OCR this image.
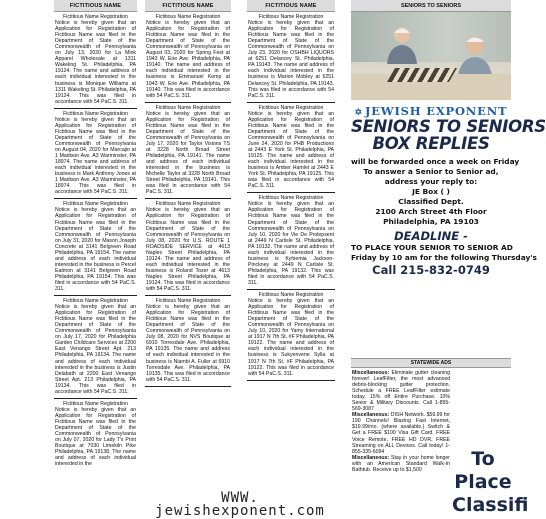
FICTITIOUS NAME
Fictitious Name Registration
Notice is hereby given that an Application for Registration of Fictitious Name was filed in the Department of State of the Commonwealth of Pennsylvania on July 13, 2020 for La Mink Apparel Wholesale at 1311 Wakeling St. Philadelphia, PA 19124. The name and address of each individual interested in the business is Monique Williams at 1311 Wakeling St. Philadelphia, PA 19124. This was filed in accordance with 54 PaC.S. 311.
Fictitious Name Registration
Notice is hereby given that an Application for Registration of Fictitious Name was filed in the Department of State of the Commonwealth of Pennsylvania on August 04, 2020 for Marcajio at 1 Madison Ave. A3 Warminster, PA 18974. The name and address of each individual interested in the business is Mark Anthony Jones at 1 Madison Ave. A3 Warminster, PA 18974. This was filed in accordance with 54 PaC.S. 311.
Fictitious Name Registration
Notice is hereby given that an Application for Registration of Fictitious Name was filed in the Department of State of the Commonwealth of Pennsylvania on July 31, 2020 for Mason Joseph Concrete at 3141 Belgreen Road Philadelphia, PA 19154. The name and address of each individual interested in the business is Percel Eatmon at 3141 Belgreen Road Philadelphia, PA 19154. This was filed in accordance with 54 PaC.S. 311.
Fictitious Name Registration
Notice is hereby given that an Application for Registration of Fictitious Name was filed in the Department of State of the Commonwealth of Pennsylvania on July 17, 2020 for Philadelphia Garden Childcare Services at 2200 East Venango Street Apt. 213 Philadelphia, PA 19134. The name and address of each individual interested in the business is Justin Delabath at 2200 East Venango Street Apt. 213 Philadelphia, PA 19134. This was filed in accordance with 54 PaC.S. 311.
Fictitious Name Registration
Notice is hereby given that an Application for Registration of Fictitious Name was filed in the Department of State of the Commonwealth of Pennsylvania on July 07, 2020 for Lady T's Print Boutique at 7030 Limekiln Pike Philadelphia, PA 19138. The name and address of each individual interested in the
FICTITIOUS NAME
Fictitious Name Registration
Notice is hereby given that an Application for Registration of Fictitious Name was filed in the Department of State of the Commonwealth of Pennsylvania on August 03, 2020 for Spring Fest at 1943 W. Erie Ave. Philadelphia, PA 19140. The name and address of each individual interested in the business is Emmanuel Kemp at 1943 W. Erie Ave. Philadelphia, PA 19140. This was filed in accordance with 54 PaC.S. 311.
Fictitious Name Registration
Notice is hereby given that an Application for Registration of Fictitious Name was filed in the Department of State of the Commonwealth of Pennsylvania on July 17, 2020 for Taylor Visions TS at 3228 North Broad Street Philadelphia, PA 19141. The name and address of each individual interested in the business is Michelle Taylor at 3228 North Broad Street Philadelphia, PA 19141. This was filed in accordance with 54 PaC.S. 311.
Fictitious Name Registration
Notice is hereby given that an Application for Registration of Fictitious Name was filed in the Department of State of the Commonwealth of Pennsylvania on July 08, 2020 for U.S. ROUTE 1 ROADSIDE SERVICE at 4613 Naples Street Philadelphia, PA 19124. The name and address of each individual interested in the business is Roland Tozer at 4613 Naples Street Philadelphia, PA 19124. This was filed in accordance with 54 PaC.S. 311.
Fictitious Name Registration
Notice is hereby given that an Application for Registration of Fictitious Name was filed in the Department of State of the Commonwealth of Pennsylvania on July 08, 2020 for NVS Boutique at 6910 Torresdale Ave. Philadelphia, PA 19135. The name and address of each individual interested in the business is Niambi A. Fuller at 6910 Torresdale Ave. Philadelphia, PA 19135. This was filed in accordance with 54 PaC.S. 311.
FICTITIOUS NAME
Fictitious Name Registration
Notice is hereby given that an Application for Registration of Fictitious Name was filed in the Department of State of the Commonwealth of Pennsylvania on July 23, 2020 for OSHBH LIQUORS at 6251 Delancey St. Philadelphia, PA 19143. The name and address of each individual interested in the business is Marion Mobley at 6251 Delancey St. Philadelphia, PA 19143. This was filed in accordance with 54 PaC.S. 311.
Fictitious Name Registration
Notice is hereby given that an Application for Registration of Fictitious Name was filed in the Department of State of the Commonwealth of Pennsylvania on June 24, 2020 for PHB Productions at 2443 E York St. Philadelphia, PA 19125. The name and address of each individual interested in the business is Amber Hamlet at 2443 E York St. Philadelphia, PA 19125. This was filed in accordance with 54 PaC.S. 311.
Fictitious Name Registration
Notice is hereby given that an Application for Registration of Fictitious Name was filed in the Department of State of the Commonwealth of Pennsylvania on July 10, 2020 for Vie De Prolepsent at 2449 N Carlisle St. Philadelphia, PA 19132. The name and address of each individual interested in the business is Kyhiemia Jackson-Pinckney at 2449 N Carlisle St. Philadelphia, PA 19132. This was filed in accordance with 54 PaC.S. 311.
Fictitious Name Registration
Notice is hereby given that an Application for Registration of Fictitious Name was filed in the Department of State of the Commonwealth of Pennsylvania on July 10, 2020 for Yamy International at 1917 N 7th St. #F Philadelphia, PA 19122. The name and address of each individual interested in the business is Sukyenvene Sylla at 1917 N 7th St. #F Philadelphia, PA 19122. This was filed in accordance with 54 PaC.S. 311.
SENIORS TO SENIORS
✡ JEWISH EXPONENT
SENIORS TO SENIORS
BOX REPLIES
will be forwarded once a week on Friday
To answer a Senior to Senior ad,
address your reply to:
JE Box ( )
Classified Dept.
2100 Arch Street 4th Floor
Philadelphia, PA 19103
DEADLINE -
TO PLACE YOUR SENIOR TO SENIOR AD
Friday by 10 am for the following Thursday's
Call 215-832-0749
STATEWIDE ADS
Miscellaneous: Eliminate gutter cleaning forever! LeafFilter, the most advanced debris-blocking gutter protection. Schedule a FREE LeafFilter estimate today. 15% off Entire Purchase. 10% Senior & Military Discounts. Call 1-855-569-3087
Miscellaneous: DISH Network. $59.99 for 190 Channels! Blazing Fast Internet, $19.99/mo. (where available.) Switch & Get a FREE $100 Visa Gift Card. FREE Voice Remote. FREE HD DVR. FREE Streaming on ALL Devices. Call today! 1-855-335-6094
Miscellaneous: Stay in your home longer with an American Standard Walk-In Bathtub. Receive up to $1,500	To
Place
Classifi
WWW.
jewishexponent.com
